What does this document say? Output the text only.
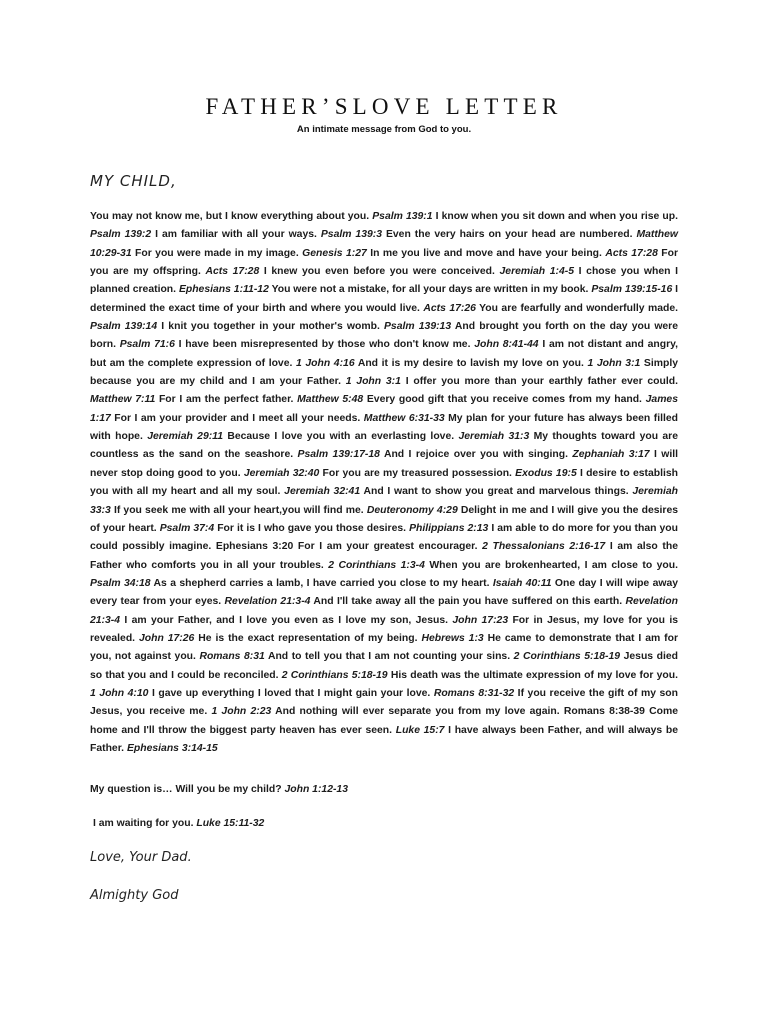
FATHER’SLOVE LETTER
An intimate message from God to you.
MY CHILD,

You may not know me, but I know everything about you. Psalm 139:1 I know when you sit down and when you rise up. Psalm 139:2 I am familiar with all your ways. Psalm 139:3 Even the very hairs on your head are numbered. Matthew 10:29-31 For you were made in my image. Genesis 1:27 In me you live and move and have your being. Acts 17:28 For you are my offspring. Acts 17:28 I knew you even before you were conceived. Jeremiah 1:4-5 I chose you when I planned creation. Ephesians 1:11-12 You were not a mistake, for all your days are written in my book. Psalm 139:15-16 I determined the exact time of your birth and where you would live. Acts 17:26 You are fearfully and wonderfully made. Psalm 139:14 I knit you together in your mother's womb. Psalm 139:13 And brought you forth on the day you were born. Psalm 71:6 I have been misrepresented by those who don't know me. John 8:41-44 I am not distant and angry, but am the complete expression of love. 1 John 4:16 And it is my desire to lavish my love on you. 1 John 3:1 Simply because you are my child and I am your Father. 1 John 3:1 I offer you more than your earthly father ever could. Matthew 7:11 For I am the perfect father. Matthew 5:48 Every good gift that you receive comes from my hand. James 1:17 For I am your provider and I meet all your needs. Matthew 6:31-33 My plan for your future has always been filled with hope. Jeremiah 29:11 Because I love you with an everlasting love. Jeremiah 31:3 My thoughts toward you are countless as the sand on the seashore. Psalm 139:17-18 And I rejoice over you with singing. Zephaniah 3:17 I will never stop doing good to you. Jeremiah 32:40 For you are my treasured possession. Exodus 19:5 I desire to establish you with all my heart and all my soul. Jeremiah 32:41 And I want to show you great and marvelous things. Jeremiah 33:3 If you seek me with all your heart,you will find me. Deuteronomy 4:29 Delight in me and I will give you the desires of your heart. Psalm 37:4 For it is I who gave you those desires. Philippians 2:13 I am able to do more for you than you could possibly imagine. Ephesians 3:20 For I am your greatest encourager. 2 Thessalonians 2:16-17 I am also the Father who comforts you in all your troubles. 2 Corinthians 1:3-4 When you are brokenhearted, I am close to you. Psalm 34:18 As a shepherd carries a lamb, I have carried you close to my heart. Isaiah 40:11 One day I will wipe away every tear from your eyes. Revelation 21:3-4 And I'll take away all the pain you have suffered on this earth. Revelation 21:3-4 I am your Father, and I love you even as I love my son, Jesus. John 17:23 For in Jesus, my love for you is revealed. John 17:26 He is the exact representation of my being. Hebrews 1:3 He came to demonstrate that I am for you, not against you. Romans 8:31 And to tell you that I am not counting your sins. 2 Corinthians 5:18-19 Jesus died so that you and I could be reconciled. 2 Corinthians 5:18-19 His death was the ultimate expression of my love for you. 1 John 4:10 I gave up everything I loved that I might gain your love. Romans 8:31-32 If you receive the gift of my son Jesus, you receive me. 1 John 2:23 And nothing will ever separate you from my love again. Romans 8:38-39 Come home and I'll throw the biggest party heaven has ever seen. Luke 15:7 I have always been Father, and will always be Father. Ephesians 3:14-15

My question is… Will you be my child? John 1:12-13
I am waiting for you. Luke 15:11-32
Love, Your Dad.
Almighty God
